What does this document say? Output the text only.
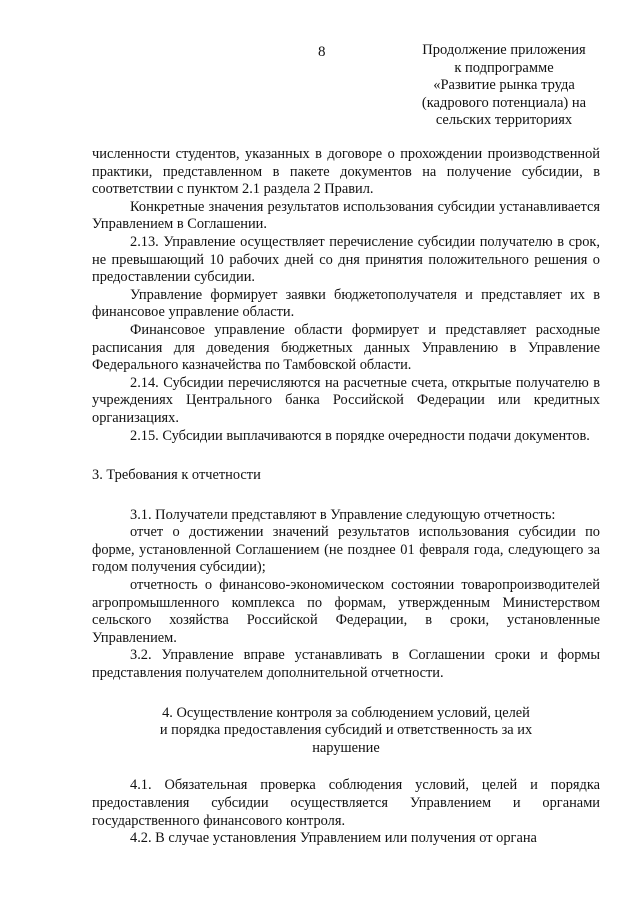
8	Продолжение приложения
к подпрограмме
«Развитие рынка труда
(кадрового потенциала) на
сельских территориях

численности студентов, указанных в договоре о прохождении производственной практики, представленном в пакете документов на получение субсидии, в соответствии с пунктом 2.1 раздела 2 Правил.

Конкретные значения результатов использования субсидии устанавливается Управлением в Соглашении.

2.13. Управление осуществляет перечисление субсидии получателю в срок, не превышающий 10 рабочих дней со дня принятия положительного решения о предоставлении субсидии.

Управление формирует заявки бюджетополучателя и представляет их в финансовое управление области.

Финансовое управление области формирует и представляет расходные расписания для доведения бюджетных данных Управлению в Управление Федерального казначейства по Тамбовской области.

2.14. Субсидии перечисляются на расчетные счета, открытые получателю в учреждениях Центрального банка Российской Федерации или кредитных организациях.

2.15. Субсидии выплачиваются в порядке очередности подачи документов.

3. Требования к отчетности

3.1. Получатели представляют в Управление следующую отчетность:

отчет о достижении значений результатов использования субсидии по форме, установленной Соглашением (не позднее 01 февраля года, следующего за годом получения субсидии);

отчетность о финансово-экономическом состоянии товаропроизводителей агропромышленного комплекса по формам, утвержденным Министерством сельского хозяйства Российской Федерации, в сроки, установленные Управлением.

3.2. Управление вправе устанавливать в Соглашении сроки и формы представления получателем дополнительной отчетности.

4. Осуществление контроля за соблюдением условий, целей
и порядка предоставления субсидий и ответственность за их
нарушение

4.1. Обязательная проверка соблюдения условий, целей и порядка предоставления субсидии осуществляется Управлением и органами государственного финансового контроля.

4.2. В случае установления Управлением или получения от органа
